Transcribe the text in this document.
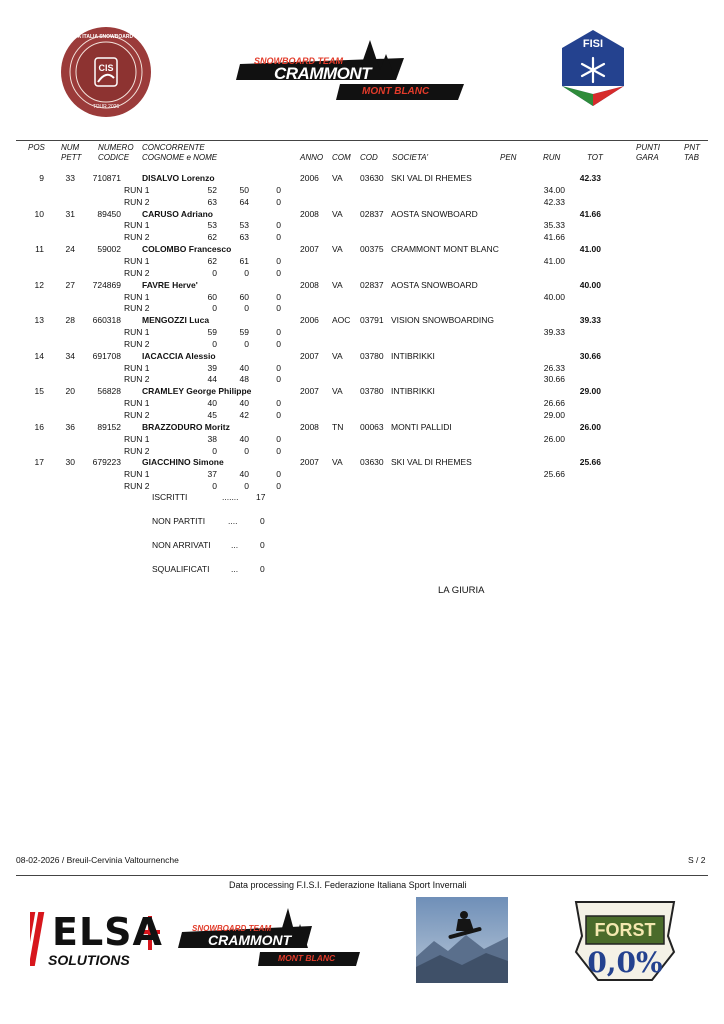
CIS
COPPA ITALIA SNOWBOARD PARK
TOUR 2026
SNOWBOARD TEAM
CRAMMONT
MONT BLANC
FISI
POS NUM
PETT
NUMERO
CODICE
CONCORRENTE
COGNOME e NOME	ANNO COM COD SOCIETA'	PEN	RUN	TOT
PUNTI
GARA
PNT
TAB
9	33 710871 DISALVO Lorenzo	2006 VA 03630 SKI VAL DI RHEMES	42.33
RUN 1	52	50	0	34.00
RUN 2	63	64	0	42.33
10	31	89450 CARUSO Adriano	2008 VA 02837 AOSTA SNOWBOARD	41.66
RUN 1	53	53	0	35.33
RUN 2	62	63	0	41.66
11	24	59002 COLOMBO Francesco	2007 VA 00375 CRAMMONT MONT BLANC	41.00
RUN 1	62	61	0	41.00
RUN 2	0	0	0
12	27 724869 FAVRE Herve'	2008 VA 02837 AOSTA SNOWBOARD	40.00
RUN 1	60	60	0	40.00
RUN 2	0	0	0
13	28 660318 MENGOZZI Luca	2006 AOC 03791 VISION SNOWBOARDING	39.33
RUN 1	59	59	0	39.33
RUN 2	0	0	0
14	34 691708 IACACCIA Alessio	2007 VA 03780 INTIBRIKKI	30.66
RUN 1	39	40	0	26.33
RUN 2	44	48	0	30.66
15	20	56828 CRAMLEY George Philippe	2007 VA 03780 INTIBRIKKI	29.00
RUN 1	40	40	0	26.66
RUN 2	45	42	0	29.00
16	36	89152 BRAZZODURO Moritz	2008 TN 00063 MONTI PALLIDI	26.00
RUN 1	38	40	0	26.00
RUN 2	0	0	0
17	30 679223 GIACCHINO Simone	2007 VA 03630 SKI VAL DI RHEMES	25.66
RUN 1	37	40	0	25.66
RUN 2	0	0	0
ISCRITTI	....... 17
NON PARTITI	....	0
NON ARRIVATI ...	0
SQUALIFICATI	...	0
LA GIURIA
08-02-2026 / Breuil-Cervinia Valtournenche	S / 2
Data processing F.I.S.I. Federazione Italiana Sport Invernali
ELSA
SOLUTIONS
SNOWBOARD TEAM
CRAMMONT
MONT BLANC
FORST
0,0%
